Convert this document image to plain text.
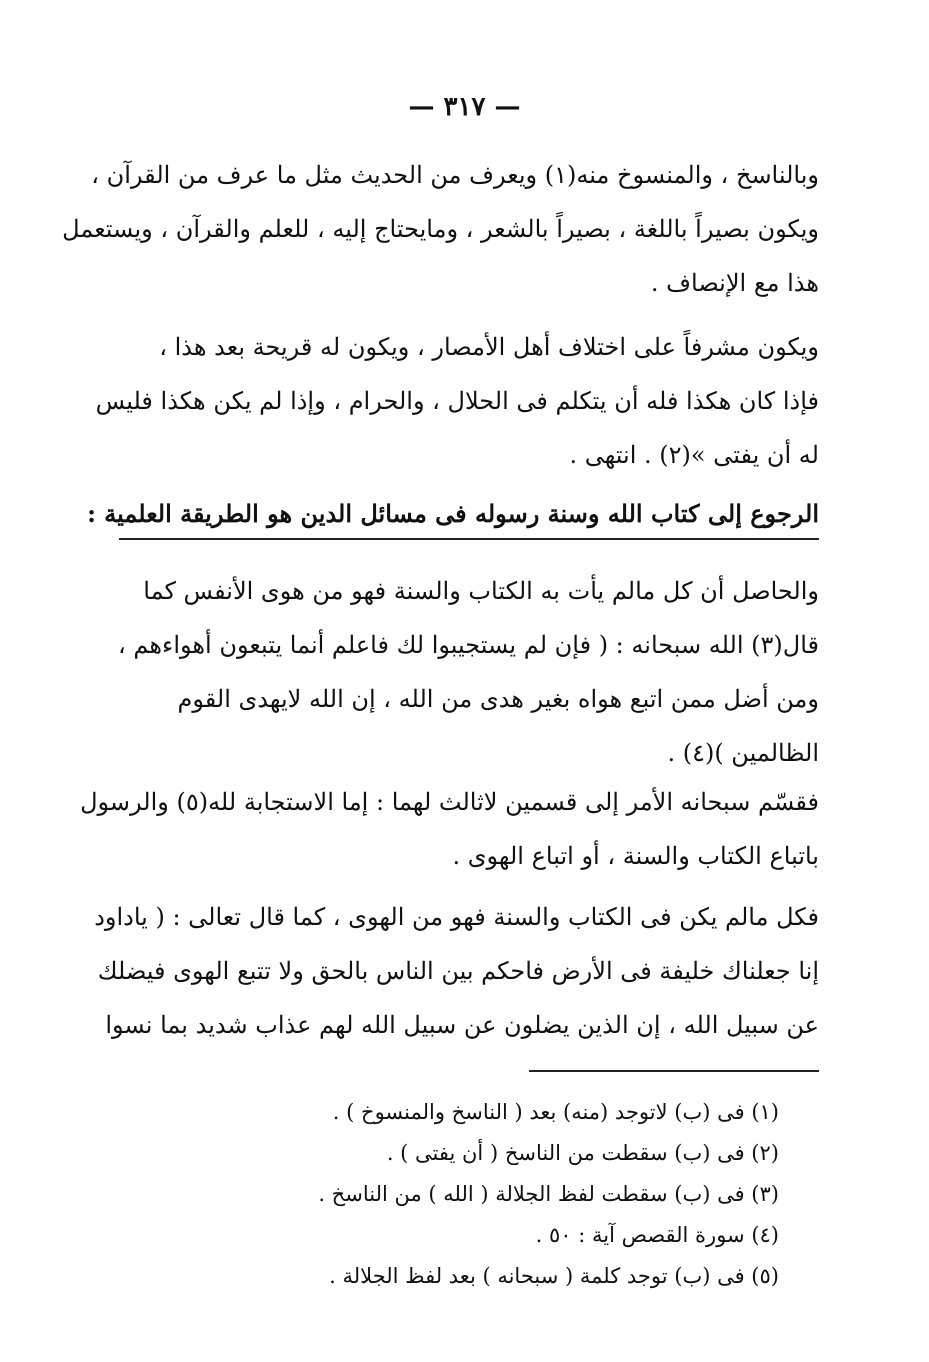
— ٣١٧ —
وبالناسخ ، والمنسوخ منه(١) ويعرف من الحديث مثل ما عرف من القرآن ،
ويكون بصيراً باللغة ، بصيراً بالشعر ، ومايحتاج إليه ، للعلم والقرآن ، ويستعمل
هذا مع الإنصاف .
ويكون مشرفاً على اختلاف أهل الأمصار ، ويكون له قريحة بعد هذا ،
فإذا كان هكذا فله أن يتكلم فى الحلال ، والحرام ، وإذا لم يكن هكذا فليس
له أن يفتى »(٢) . انتهى .
الرجوع إلى كتاب الله وسنة رسوله فى مسائل الدين هو الطريقة العلمية :
والحاصل أن كل مالم يأت به الكتاب والسنة فهو من هوى الأنفس كما
قال(٣) الله سبحانه : ( فإن لم يستجيبوا لك فاعلم أنما يتبعون أهواءهم ،
ومن أضل ممن اتبع هواه بغير هدى من الله ، إن الله لايهدى القوم
الظالمين )(٤) .
فقسّم سبحانه الأمر إلى قسمين لاثالث لهما : إما الاستجابة لله(٥) والرسول
باتباع الكتاب والسنة ، أو اتباع الهوى .
فكل مالم يكن فى الكتاب والسنة فهو من الهوى ، كما قال تعالى : ( ياداود
إنا جعلناك خليفة فى الأرض فاحكم بين الناس بالحق ولا تتبع الهوى فيضلك
عن سبيل الله ، إن الذين يضلون عن سبيل الله لهم عذاب شديد بما نسوا
(١) فى (ب) لاتوجد (منه) بعد ( الناسخ والمنسوخ ) .
(٢) فى (ب) سقطت من الناسخ ( أن يفتى ) .
(٣) فى (ب) سقطت لفظ الجلالة ( الله ) من الناسخ .
(٤) سورة القصص آية : ٥٠ .
(٥) فى (ب) توجد كلمة ( سبحانه ) بعد لفظ الجلالة .
